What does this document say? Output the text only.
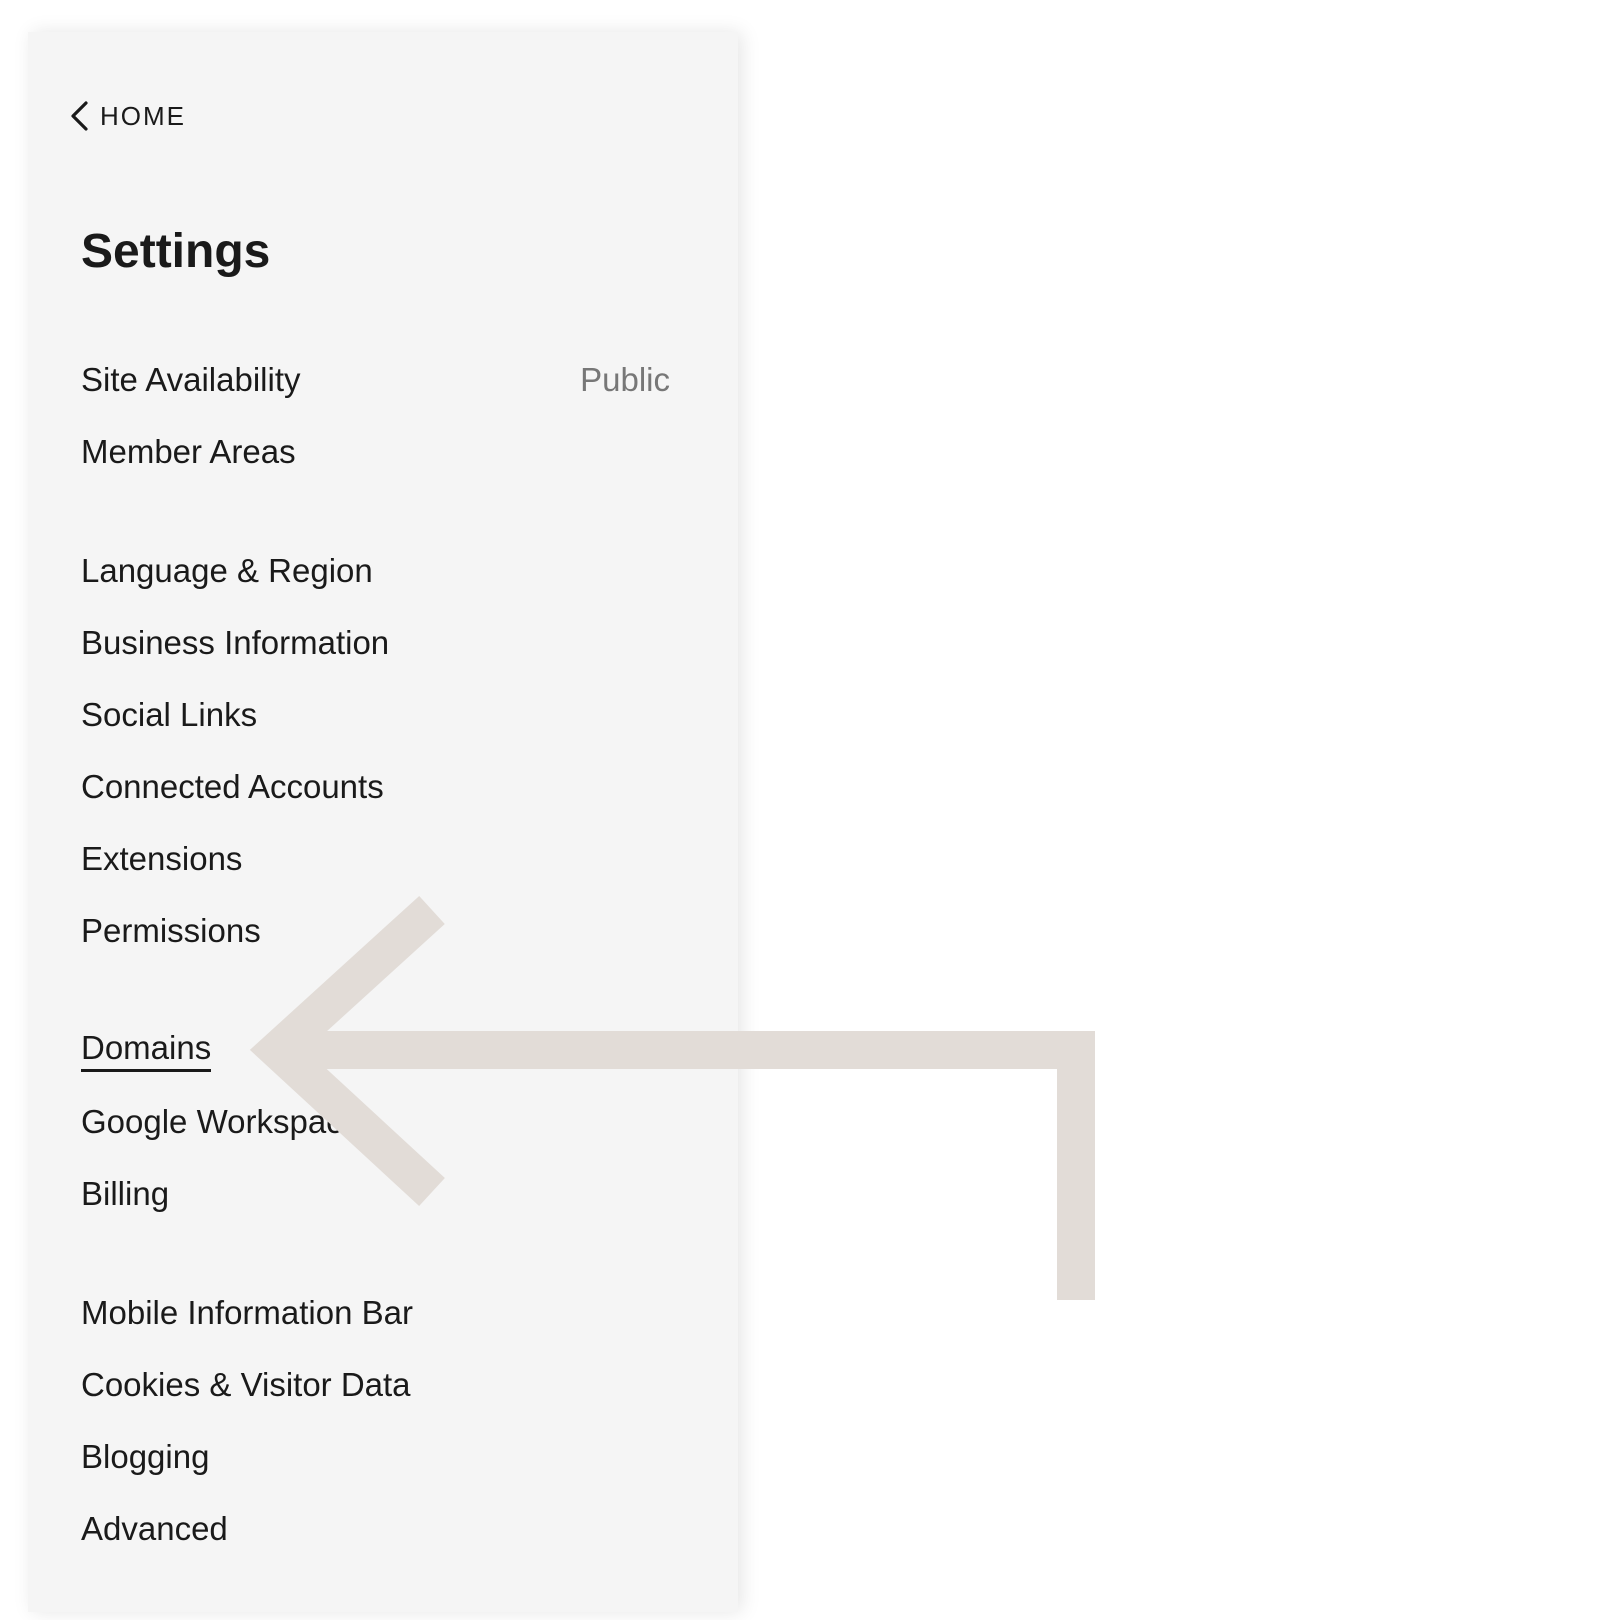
HOME
Settings
Site Availability	Public
Member Areas
Language & Region
Business Information
Social Links
Connected Accounts
Extensions
Permissions
Domains
Google Workspace
Billing
Mobile Information Bar
Cookies & Visitor Data
Blogging
Advanced
